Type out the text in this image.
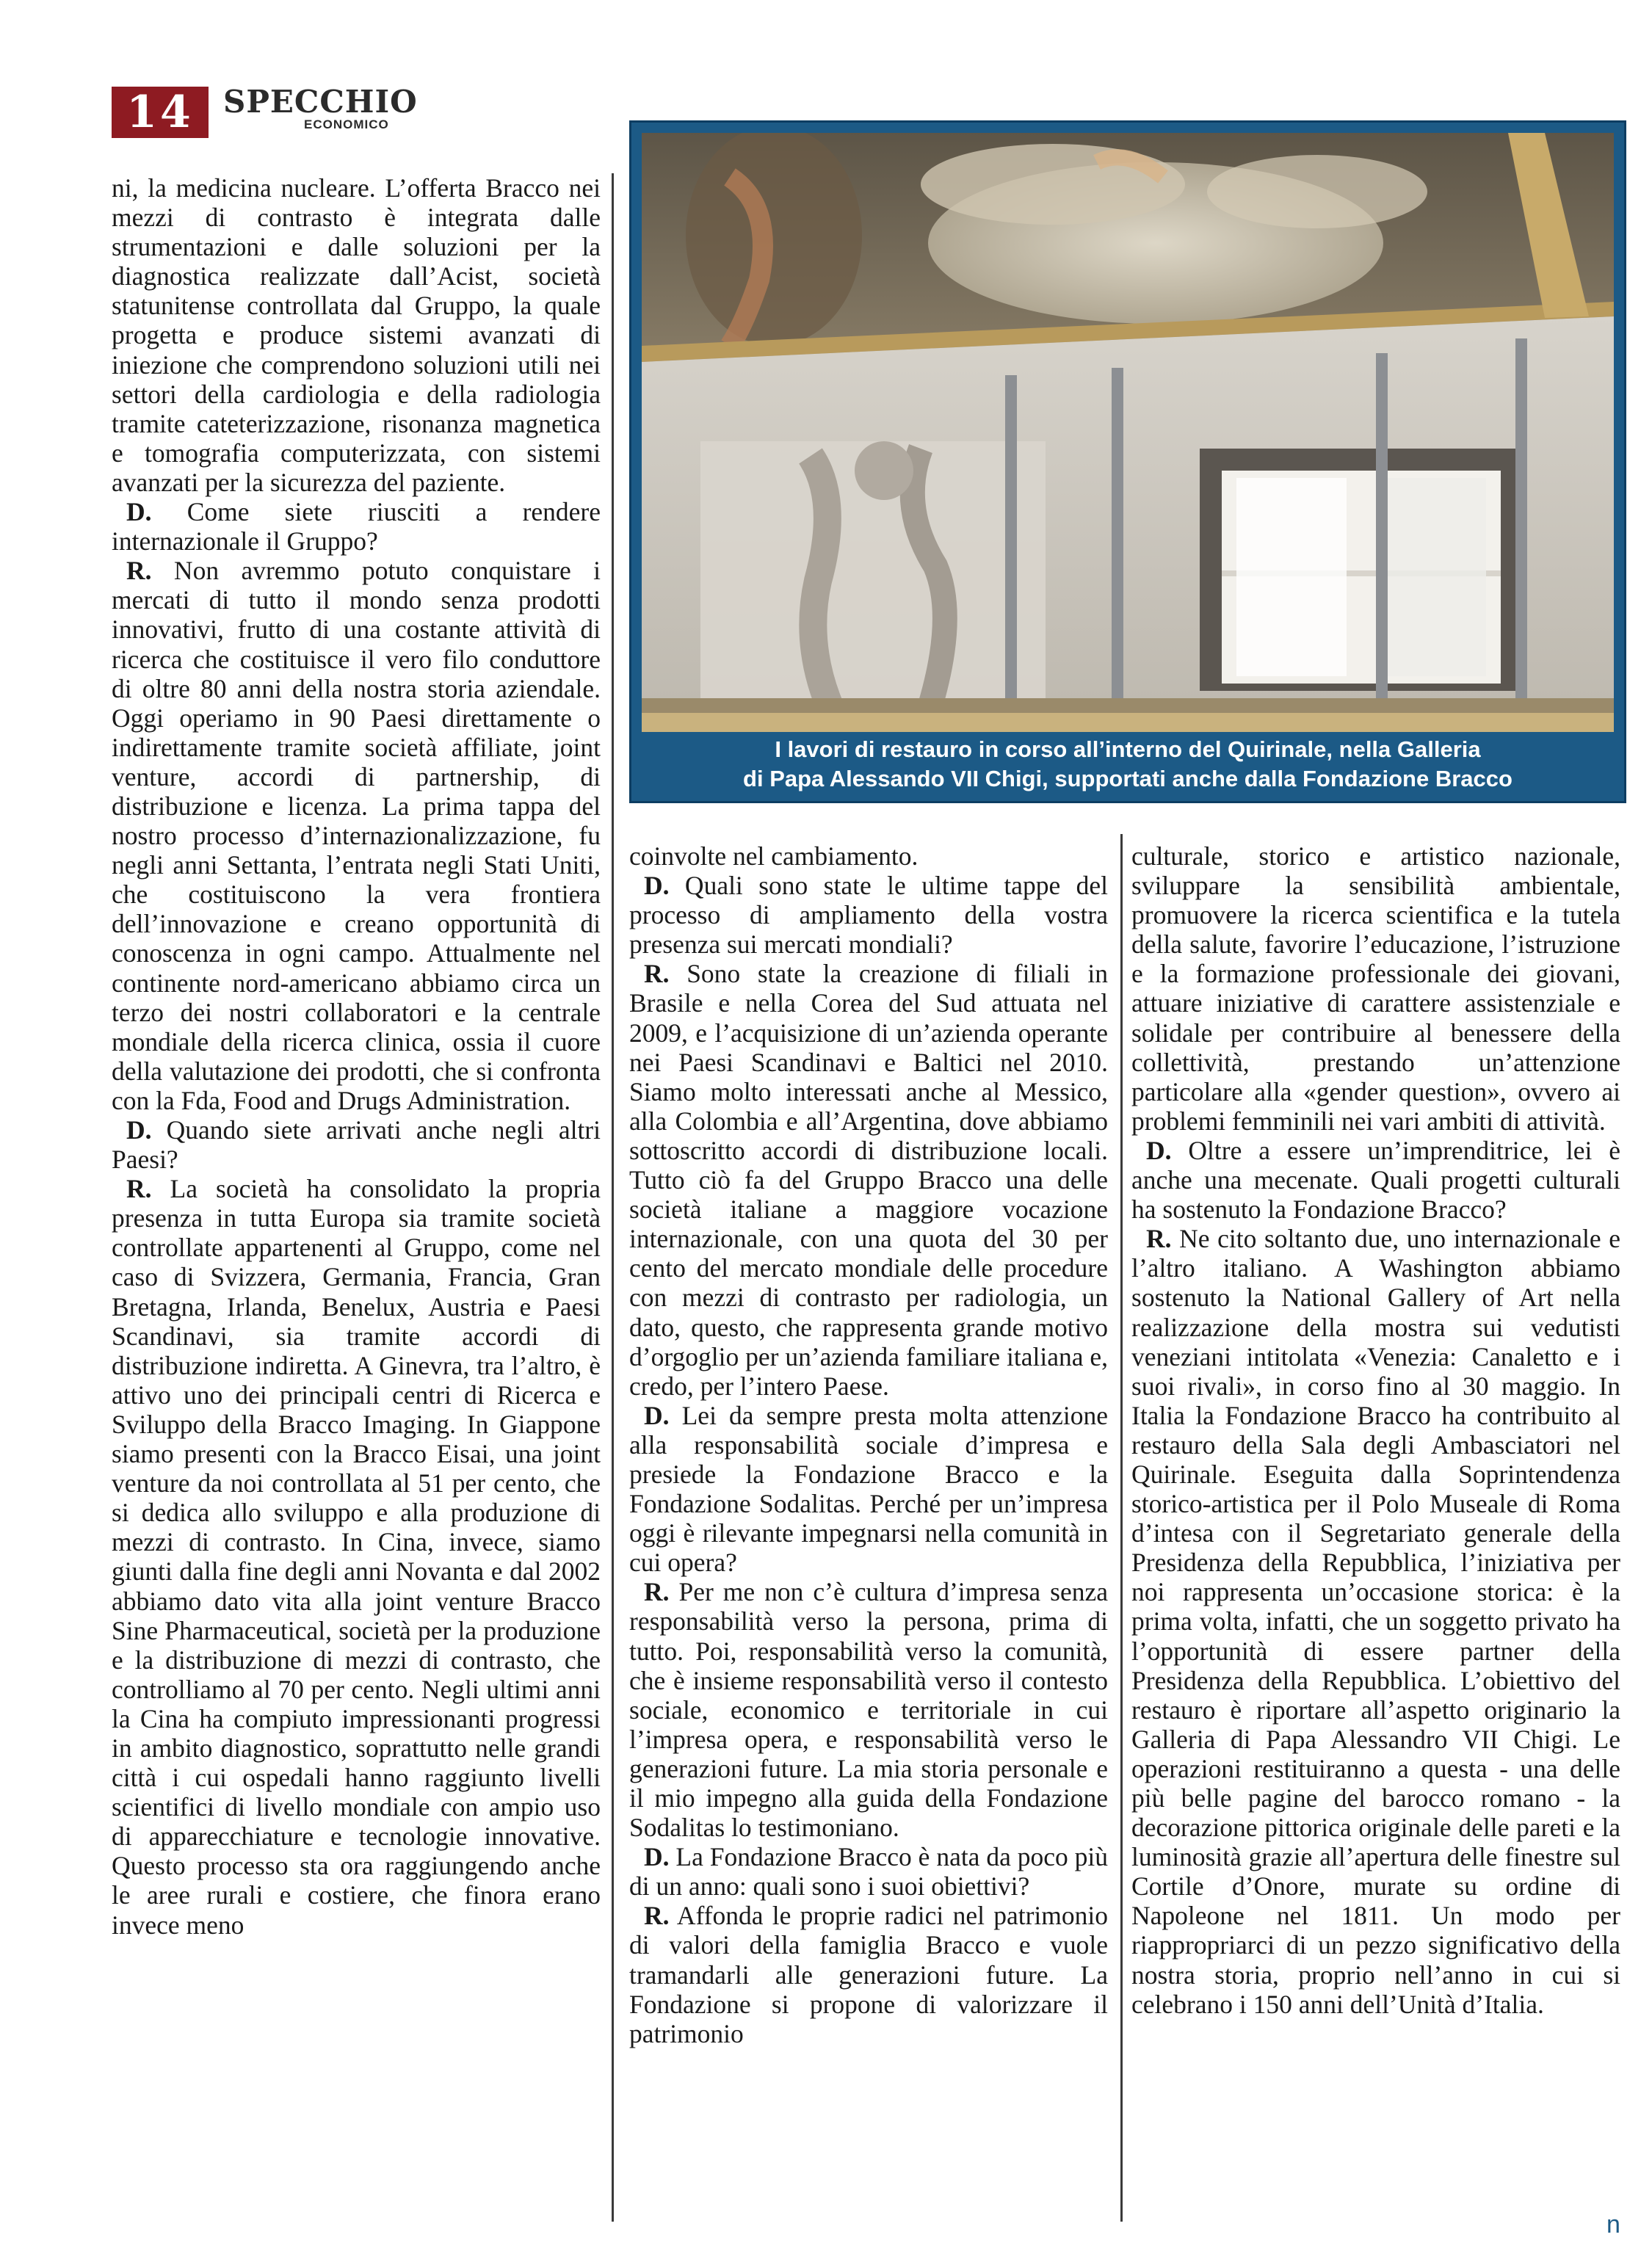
14 SPECCHIO
ECONOMICO

ni, la medicina nucleare. L’offerta Bracco nei mezzi di contrasto è integrata dalle strumentazioni e dalle soluzioni per la diagnostica realizzate dall’Acist, società statunitense controllata dal Gruppo, la quale progetta e produce sistemi avanzati di iniezione che comprendono soluzioni utili nei settori della cardiologia e della radiologia tramite cateterizzazione, risonanza magnetica e tomografia computerizzata, con sistemi avanzati per la sicurezza del paziente.

D. Come siete riusciti a rendere internazionale il Gruppo?

R. Non avremmo potuto conquistare i mercati di tutto il mondo senza prodotti innovativi, frutto di una costante attività di ricerca che costituisce il vero filo conduttore di oltre 80 anni della nostra storia aziendale. Oggi operiamo in 90 Paesi direttamente o indirettamente tramite società affiliate, joint venture, accordi di partnership, di distribuzione e licenza. La prima tappa del nostro processo d’internazionalizzazione, fu negli anni Settanta, l’entrata negli Stati Uniti, che costituiscono la vera frontiera dell’innovazione e creano opportunità di conoscenza in ogni campo. Attualmente nel continente nord-americano abbiamo circa un terzo dei nostri collaboratori e la centrale mondiale della ricerca clinica, ossia il cuore della valutazione dei prodotti, che si confronta con la Fda, Food and Drugs Administration.

D. Quando siete arrivati anche negli altri Paesi?

R. La società ha consolidato la propria presenza in tutta Europa sia tramite società controllate appartenenti al Gruppo, come nel caso di Svizzera, Germania, Francia, Gran Bretagna, Irlanda, Benelux, Austria e Paesi Scandinavi, sia tramite accordi di distribuzione indiretta. A Ginevra, tra l’altro, è attivo uno dei principali centri di Ricerca e Sviluppo della Bracco Imaging. In Giappone siamo presenti con la Bracco Eisai, una joint venture da noi controllata al 51 per cento, che si dedica allo sviluppo e alla produzione di mezzi di contrasto. In Cina, invece, siamo giunti dalla fine degli anni Novanta e dal 2002 abbiamo dato vita alla joint venture Bracco Sine Pharmaceutical, società per la produzione e la distribuzione di mezzi di contrasto, che controlliamo al 70 per cento. Negli ultimi anni la Cina ha compiuto impressionanti progressi in ambito diagnostico, soprattutto nelle grandi città i cui ospedali hanno raggiunto livelli scientifici di livello mondiale con ampio uso di apparecchiature e tecnologie innovative. Questo processo sta ora raggiungendo anche le aree rurali e costiere, che finora erano invece meno

I lavori di restauro in corso all’interno del Quirinale, nella Galleria
di Papa Alessando VII Chigi, supportati anche dalla Fondazione Bracco

coinvolte nel cambiamento.

D. Quali sono state le ultime tappe del processo di ampliamento della vostra presenza sui mercati mondiali?

R. Sono state la creazione di filiali in Brasile e nella Corea del Sud attuata nel 2009, e l’acquisizione di un’azienda operante nei Paesi Scandinavi e Baltici nel 2010. Siamo molto interessati anche al Messico, alla Colombia e all’Argentina, dove abbiamo sottoscritto accordi di distribuzione locali. Tutto ciò fa del Gruppo Bracco una delle società italiane a maggiore vocazione internazionale, con una quota del 30 per cento del mercato mondiale delle procedure con mezzi di contrasto per radiologia, un dato, questo, che rappresenta grande motivo d’orgoglio per un’azienda familiare italiana e, credo, per l’intero Paese.

D. Lei da sempre presta molta attenzione alla responsabilità sociale d’impresa e presiede la Fondazione Bracco e la Fondazione Sodalitas. Perché per un’impresa oggi è rilevante impegnarsi nella comunità in cui opera?

R. Per me non c’è cultura d’impresa senza responsabilità verso la persona, prima di tutto. Poi, responsabilità verso la comunità, che è insieme responsabilità verso il contesto sociale, economico e territoriale in cui l’impresa opera, e responsabilità verso le generazioni future. La mia storia personale e il mio impegno alla guida della Fondazione Sodalitas lo testimoniano.

D. La Fondazione Bracco è nata da poco più di un anno: quali sono i suoi obiettivi?

R. Affonda le proprie radici nel patrimonio di valori della famiglia Bracco e vuole tramandarli alle generazioni future. La Fondazione si propone di valorizzare il patrimonio

culturale, storico e artistico nazionale, sviluppare la sensibilità ambientale, promuovere la ricerca scientifica e la tutela della salute, favorire l’educazione, l’istruzione e la formazione professionale dei giovani, attuare iniziative di carattere assistenziale e solidale per contribuire al benessere della collettività, prestando un’attenzione particolare alla «gender question», ovvero ai problemi femminili nei vari ambiti di attività.

D. Oltre a essere un’imprenditrice, lei è anche una mecenate. Quali progetti culturali ha sostenuto la Fondazione Bracco?

R. Ne cito soltanto due, uno internazionale e l’altro italiano. A Washington abbiamo sostenuto la National Gallery of Art nella realizzazione della mostra sui vedutisti veneziani intitolata «Venezia: Canaletto e i suoi rivali», in corso fino al 30 maggio. In Italia la Fondazione Bracco ha contribuito al restauro della Sala degli Ambasciatori nel Quirinale. Eseguita dalla Soprintendenza storico-artistica per il Polo Museale di Roma d’intesa con il Segretariato generale della Presidenza della Repubblica, l’iniziativa per noi rappresenta un’occasione storica: è la prima volta, infatti, che un soggetto privato ha l’opportunità di essere partner della Presidenza della Repubblica. L’obiettivo del restauro è riportare all’aspetto originario la Galleria di Papa Alessandro VII Chigi. Le operazioni restituiranno a questa - una delle più belle pagine del barocco romano - la decorazione pittorica originale delle pareti e la luminosità grazie all’apertura delle finestre sul Cortile d’Onore, murate su ordine di Napoleone nel 1811. Un modo per riappropriarci di un pezzo significativo della nostra storia, proprio nell’anno in cui si celebrano i 150 anni dell’Unità d’Italia.

n
